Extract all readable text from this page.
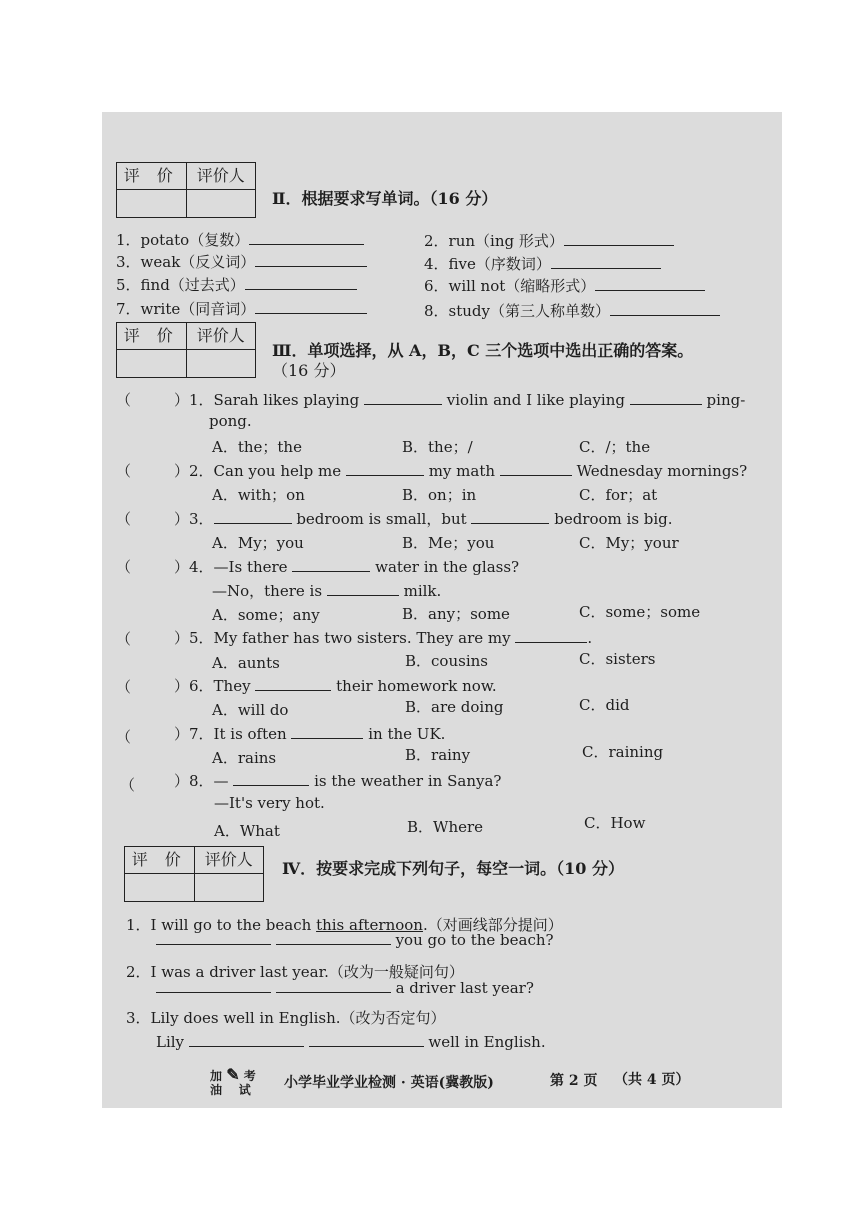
评 价	评价人
Ⅱ．根据要求写单词。（16 分）
1．potato（复数）	2．run（ing 形式）
3．weak（反义词）	4．five（序数词）
5．find（过去式）	6．will not（缩略形式）
7．write（同音词）	8．study（第三人称单数）
评 价	评价人
Ⅲ．单项选择，从 A，B，C 三个选项中选出正确的答案。
（16 分）
（	）1．Sarah likes playing	violin and I like playing	ping-
pong.
A．the；the	B．the；/	C．/；the
（	）2．Can you help me	my math	Wednesday mornings?
A．with；on	B．on；in	C．for；at
（	）3．	bedroom is small，but	bedroom is big.
A．My；you	B．Me；you	C．My；your
（	）4．—Is there	water in the glass?
—No，there is	milk.
A．some；any	B．any；some	C．some；some
（	）5．My father has two sisters. They are my	.
A．aunts	B．cousins	C．sisters
（	）6．They	their homework now.
A．will do	B．are doing	C．did
（	）7．It is often	in the UK.
A．rains	B．rainy	C．raining
（	）8．—	is the weather in Sanya?
—It's very hot.
A．What	B．Where	C．How
评 价	评价人	Ⅳ．按要求完成下列句子，每空一词。（10 分）
1．I will go to the beach this afternoon.（对画线部分提问）
you go to the beach?
2．I was a driver last year.（改为一般疑问句）
a driver last year?
3．Lily does well in English.（改为否定句）
Lily	well in English.
加 ✎ 考
油 试	小学毕业学业检测 · 英语(冀教版)	第 2 页 （共 4 页）
